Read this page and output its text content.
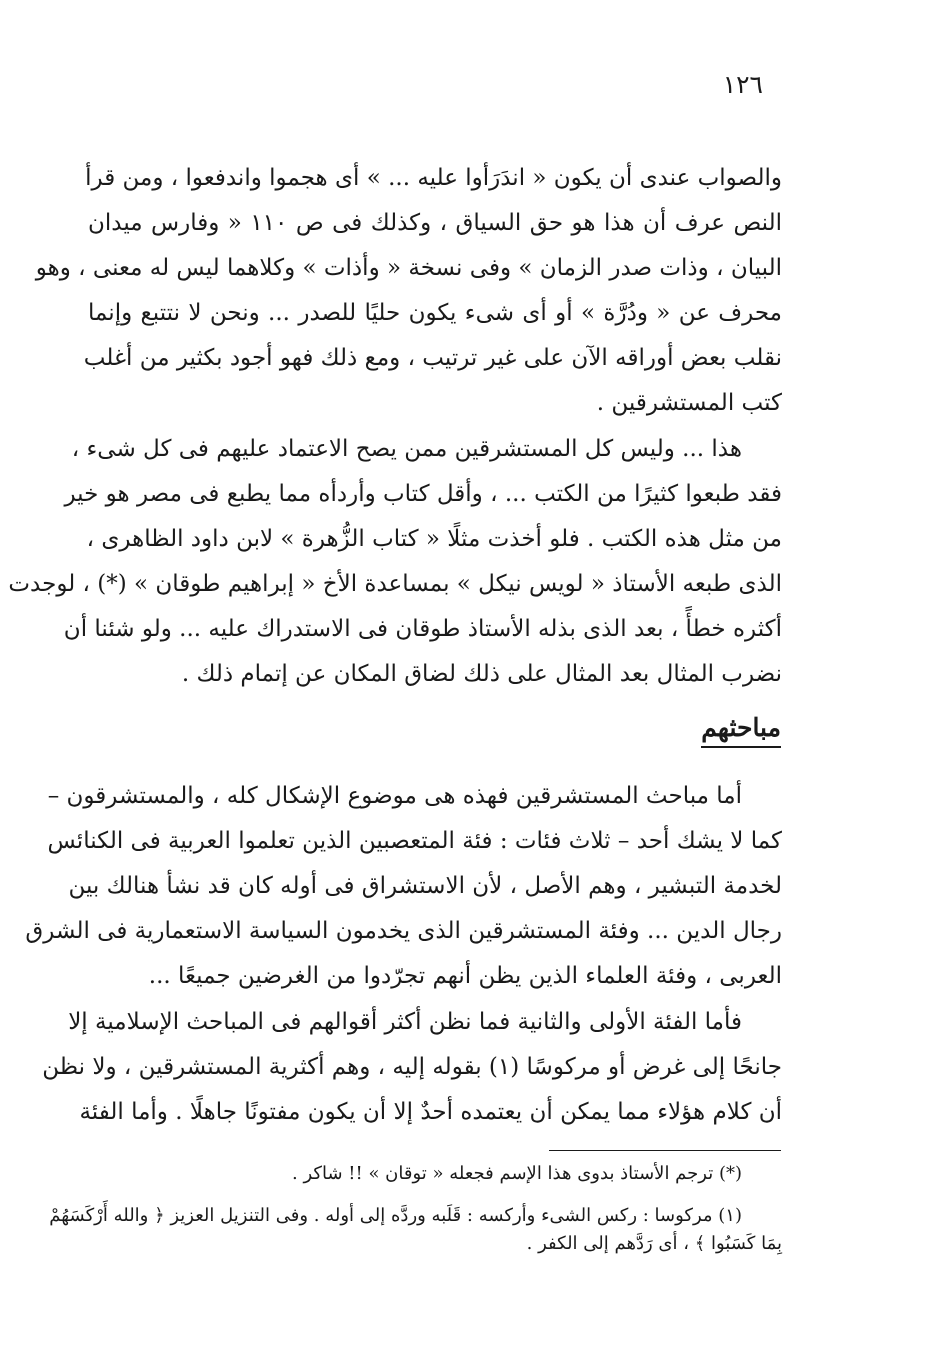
١٢٦
والصواب عندى أن يكون « اندَرَأوا عليه ... » أى هجموا واندفعوا ، ومن قرأ
النص عرف أن هذا هو حق السياق ، وكذلك فى ص ١١٠ « وفارس ميدان
البيان ، وذات صدر الزمان » وفى نسخة « وأذات » وكلاهما ليس له معنى ، وهو
محرف عن « ودُرَّة » أو أى شىء يكون حليًا للصدر ... ونحن لا نتتبع وإنما
نقلب بعض أوراقه الآن على غير ترتيب ، ومع ذلك فهو أجود بكثير من أغلب
كتب المستشرقين .
هذا ... وليس كل المستشرقين ممن يصح الاعتماد عليهم فى كل شىء ،
فقد طبعوا كثيرًا من الكتب ... ، وأقل كتاب وأردأه مما يطبع فى مصر هو خير
من مثل هذه الكتب . فلو أخذت مثلًا « كتاب الزُّهرة » لابن داود الظاهرى ،
الذى طبعه الأستاذ « لويس نيكل » بمساعدة الأخ « إبراهيم طوقان » (*) ، لوجدت
أكثره خطأً ، بعد الذى بذله الأستاذ طوقان فى الاستدراك عليه ... ولو شئنا أن
نضرب المثال بعد المثال على ذلك لضاق المكان عن إتمام ذلك .
مباحثهم
أما مباحث المستشرقين فهذه هى موضوع الإشكال كله ، والمستشرقون –
كما لا يشك أحد – ثلاث فئات : فئة المتعصبين الذين تعلموا العربية فى الكنائس
لخدمة التبشير ، وهم الأصل ، لأن الاستشراق فى أوله كان قد نشأ هنالك بين
رجال الدين ... وفئة المستشرقين الذى يخدمون السياسة الاستعمارية فى الشرق
العربى ، وفئة العلماء الذين يظن أنهم تجرّدوا من الغرضين جميعًا ...
فأما الفئة الأولى والثانية فما نظن أكثر أقوالهم فى المباحث الإسلامية إلا
جانحًا إلى غرض أو مركوسًا (١) بقوله إليه ، وهم أكثرية المستشرقين ، ولا نظن
أن كلام هؤلاء مما يمكن أن يعتمده أحدٌ إلا أن يكون مفتونًا جاهلًا . وأما الفئة
(*) ترجم الأستاذ بدوى هذا الإسم فجعله « توقان » !! شاكر .
(١) مركوسا : ركس الشىء وأركسه : قَلَبه وردَّه إلى أوله . وفى التنزيل العزيز ﴿ والله أَرْكَسَهُمْ
بِمَا كَسَبُوا ﴾ ، أى رَدَّهم إلى الكفر .
